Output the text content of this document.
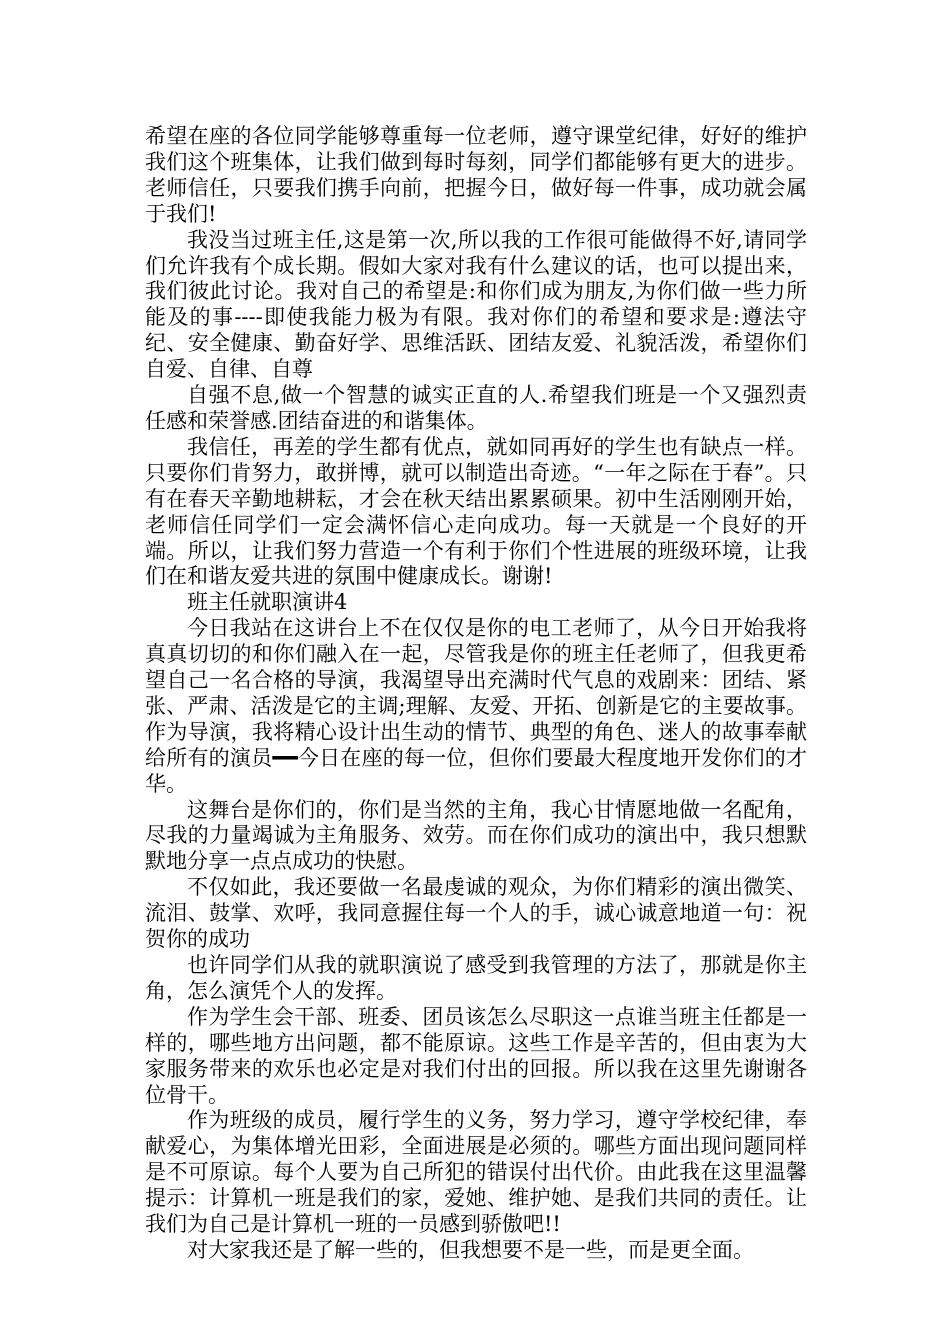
希望在座的各位同学能够尊重每一位老师，遵守课堂纪律，好好的维护我们这个班集体，让我们做到每时每刻，同学们都能够有更大的进步。老师信任，只要我们携手向前，把握今日，做好每一件事，成功就会属于我们!

我没当过班主任,这是第一次,所以我的工作很可能做得不好,请同学们允许我有个成长期。假如大家对我有什么建议的话，也可以提出来，我们彼此讨论。我对自己的希望是:和你们成为朋友,为你们做一些力所能及的事----即使我能力极为有限。我对你们的希望和要求是:遵法守纪、安全健康、勤奋好学、思维活跃、团结友爱、礼貌活泼，希望你们自爱、自律、自尊

自强不息,做一个智慧的诚实正直的人.希望我们班是一个又强烈责任感和荣誉感.团结奋进的和谐集体。

我信任，再差的学生都有优点，就如同再好的学生也有缺点一样。只要你们肯努力，敢拼博，就可以制造出奇迹。“一年之际在于春”。只有在春天辛勤地耕耘，才会在秋天结出累累硕果。初中生活刚刚开始，老师信任同学们一定会满怀信心走向成功。每一天就是一个良好的开端。所以，让我们努力营造一个有利于你们个性进展的班级环境，让我们在和谐友爱共进的氛围中健康成长。谢谢!

班主任就职演讲4

今日我站在这讲台上不在仅仅是你的电工老师了，从今日开始我将真真切切的和你们融入在一起，尽管我是你的班主任老师了，但我更希望自己一名合格的导演，我渴望导出充满时代气息的戏剧来：团结、紧张、严肃、活泼是它的主调;理解、友爱、开拓、创新是它的主要故事。作为导演，我将精心设计出生动的情节、典型的角色、迷人的故事奉献给所有的演员━━今日在座的每一位，但你们要最大程度地开发你们的才华。

这舞台是你们的，你们是当然的主角，我心甘情愿地做一名配角，尽我的力量竭诚为主角服务、效劳。而在你们成功的演出中，我只想默默地分享一点点成功的快慰。

不仅如此，我还要做一名最虔诚的观众，为你们精彩的演出微笑、流泪、鼓掌、欢呼，我同意握住每一个人的手，诚心诚意地道一句：祝贺你的成功

也许同学们从我的就职演说了感受到我管理的方法了，那就是你主角，怎么演凭个人的发挥。

作为学生会干部、班委、团员该怎么尽职这一点谁当班主任都是一样的，哪些地方出问题，都不能原谅。这些工作是辛苦的，但由衷为大家服务带来的欢乐也必定是对我们付出的回报。所以我在这里先谢谢各位骨干。

作为班级的成员，履行学生的义务，努力学习，遵守学校纪律，奉献爱心，为集体增光田彩，全面进展是必须的。哪些方面出现问题同样是不可原谅。每个人要为自己所犯的错误付出代价。由此我在这里温馨提示：计算机一班是我们的家，爱她、维护她、是我们共同的责任。让我们为自己是计算机一班的一员感到骄傲吧!!

对大家我还是了解一些的，但我想要不是一些，而是更全面。
